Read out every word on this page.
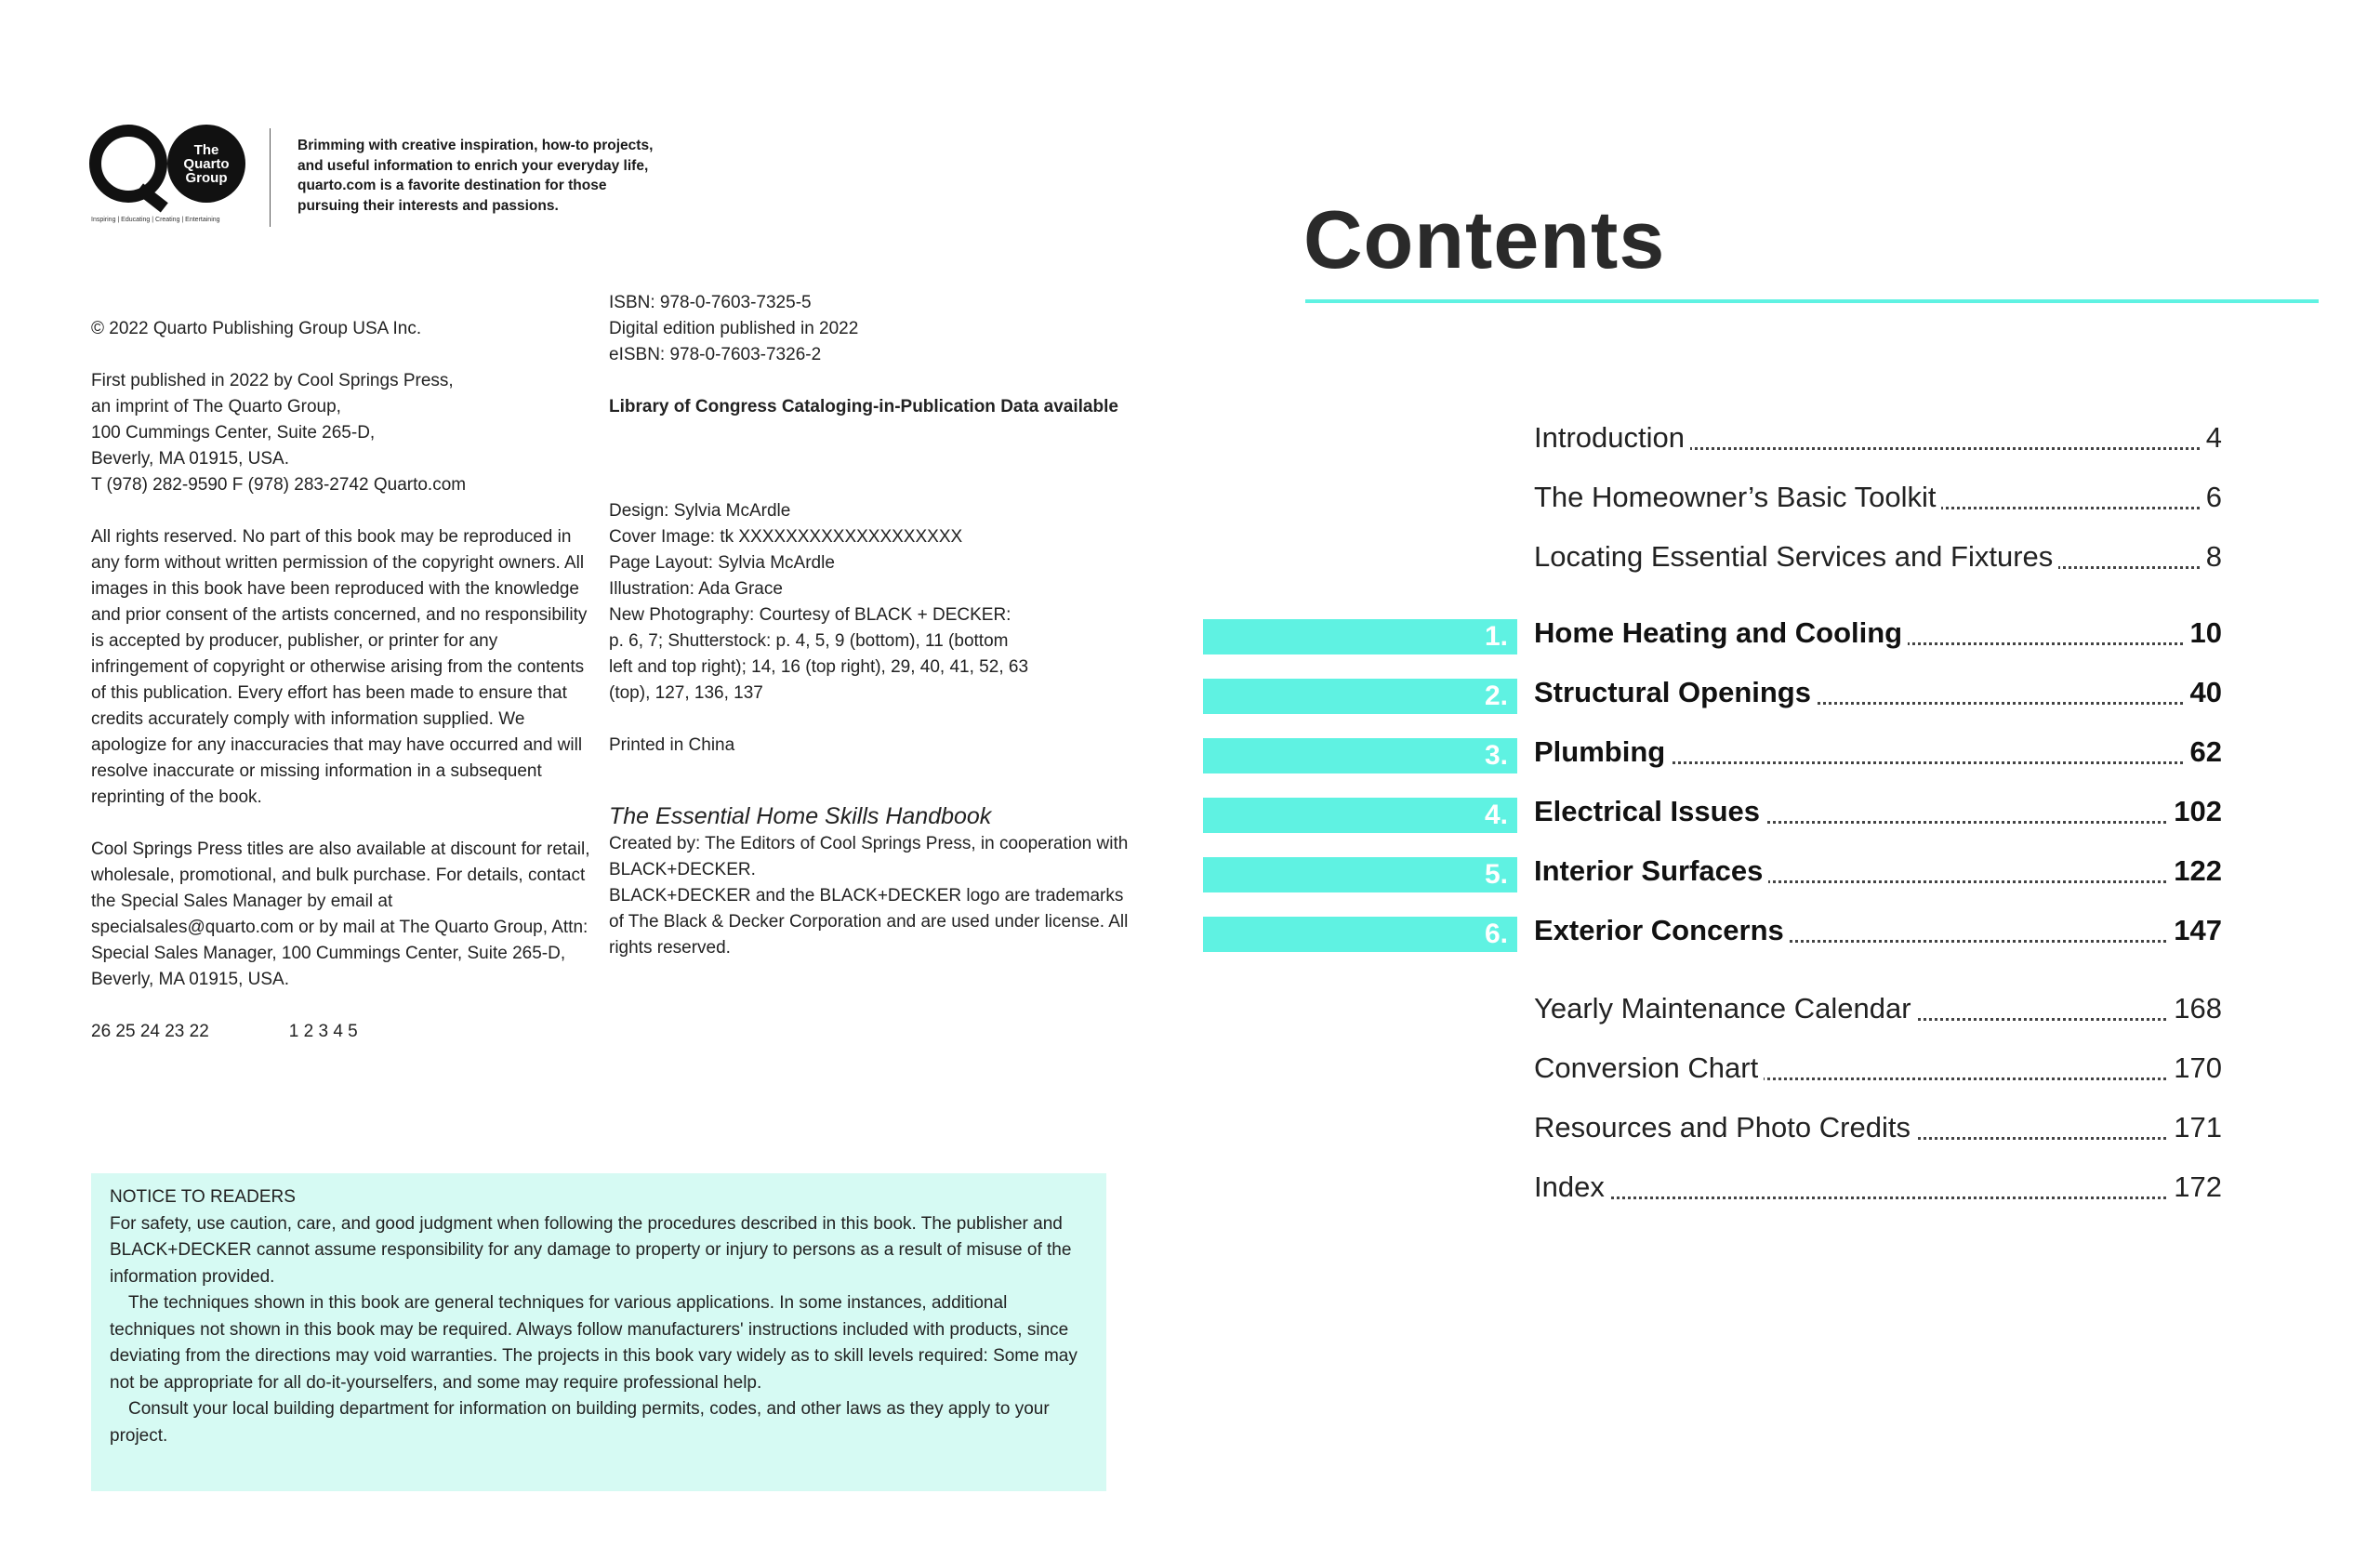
The Quarto Group
Inspiring | Educating | Creating | Entertaining
Brimming with creative inspiration, how-to projects, and useful information to enrich your everyday life, quarto.com is a favorite destination for those pursuing their interests and passions.

© 2022 Quarto Publishing Group USA Inc.

First published in 2022 by Cool Springs Press,
an imprint of The Quarto Group,
100 Cummings Center, Suite 265-D,
Beverly, MA 01915, USA.
T (978) 282-9590 F (978) 283-2742 Quarto.com

All rights reserved. No part of this book may be reproduced in any form without written permission of the copyright owners. All images in this book have been reproduced with the knowledge and prior consent of the artists concerned, and no responsibility is accepted by producer, publisher, or printer for any infringement of copyright or otherwise arising from the contents of this publication. Every effort has been made to ensure that credits accurately comply with information supplied. We apologize for any inaccuracies that may have occurred and will resolve inaccurate or missing information in a subsequent reprinting of the book.

Cool Springs Press titles are also available at discount for retail, wholesale, promotional, and bulk purchase. For details, contact the Special Sales Manager by email at specialsales@quarto.com or by mail at The Quarto Group, Attn: Special Sales Manager, 100 Cummings Center, Suite 265-D, Beverly, MA 01915, USA.

26 25 24 23 22	1 2 3 4 5

ISBN: 978-0-7603-7325-5
Digital edition published in 2022
eISBN: 978-0-7603-7326-2

Library of Congress Cataloging-in-Publication Data available

Design: Sylvia McArdle
Cover Image: tk XXXXXXXXXXXXXXXXXXX
Page Layout: Sylvia McArdle
Illustration: Ada Grace
New Photography: Courtesy of BLACK + DECKER:
p. 6, 7; Shutterstock: p. 4, 5, 9 (bottom), 11 (bottom
left and top right); 14, 16 (top right), 29, 40, 41, 52, 63
(top), 127, 136, 137

Printed in China

The Essential Home Skills Handbook

Created by: The Editors of Cool Springs Press, in cooperation with BLACK+DECKER.

BLACK+DECKER and the BLACK+DECKER logo are trademarks of The Black & Decker Corporation and are used under license. All rights reserved.

NOTICE TO READERS

For safety, use caution, care, and good judgment when following the procedures described in this book. The publisher and BLACK+DECKER cannot assume responsibility for any damage to property or injury to persons as a result of misuse of the information provided.

The techniques shown in this book are general techniques for various applications. In some instances, additional techniques not shown in this book may be required. Always follow manufacturers' instructions included with products, since deviating from the directions may void warranties. The projects in this book vary widely as to skill levels required: Some may not be appropriate for all do-it-yourselfers, and some may require professional help.

Consult your local building department for information on building permits, codes, and other laws as they apply to your project.

Contents
Introduction	4
The Homeowner’s Basic Toolkit	6
Locating Essential Services and Fixtures	8
1. Home Heating and Cooling	10
2. Structural Openings	40
3. Plumbing	62
4. Electrical Issues	102
5. Interior Surfaces	122
6. Exterior Concerns	147
Yearly Maintenance Calendar	168
Conversion Chart	170
Resources and Photo Credits	171
Index	172
